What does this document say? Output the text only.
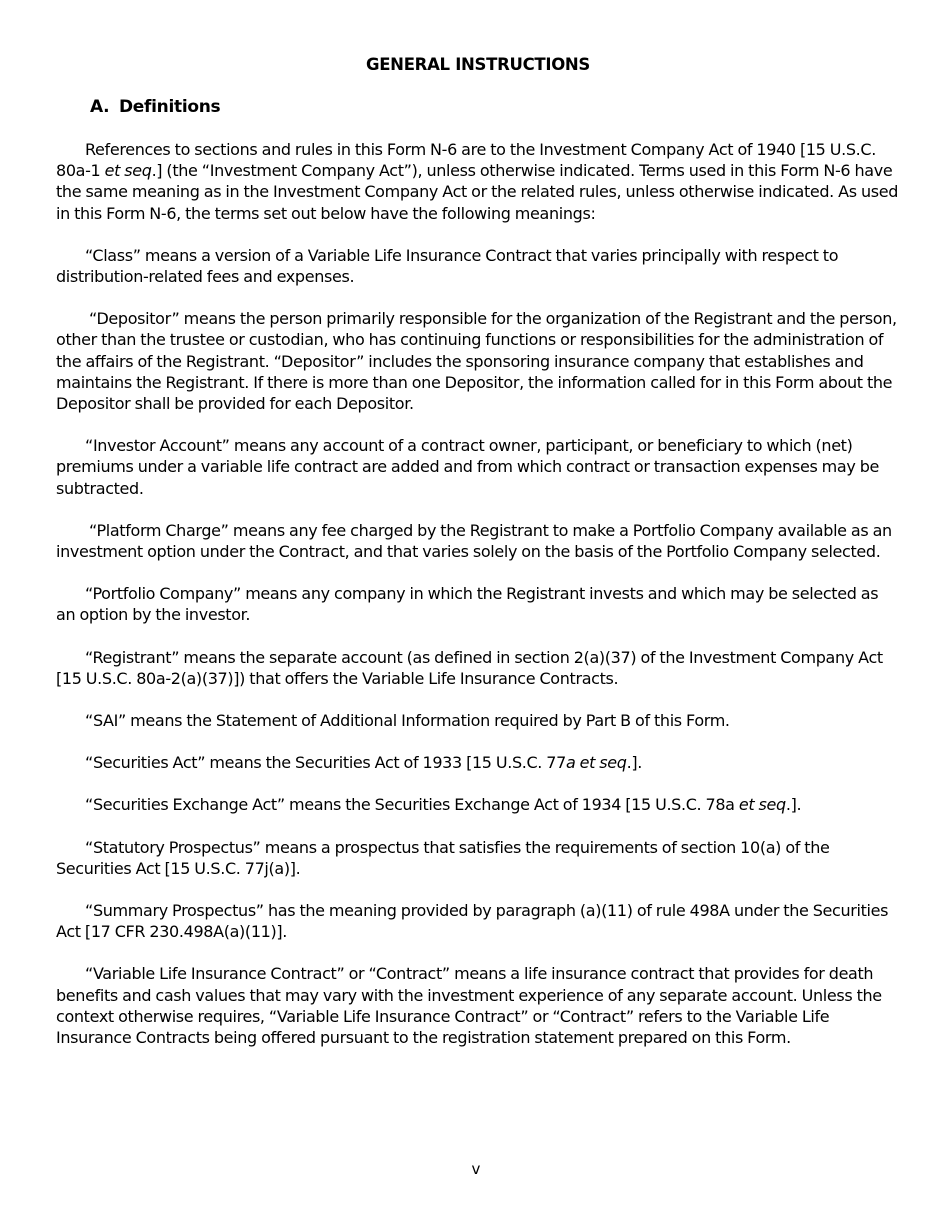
GENERAL INSTRUCTIONS
A. Definitions

References to sections and rules in this Form N-6 are to the Investment Company Act of 1940 [15 U.S.C. 80a-1 et seq.] (the “Investment Company Act”), unless otherwise indicated. Terms used in this Form N-6 have the same meaning as in the Investment Company Act or the related rules, unless otherwise indicated. As used in this Form N-6, the terms set out below have the following meanings:

“Class” means a version of a Variable Life Insurance Contract that varies principally with respect to distribution-related fees and expenses.

“Depositor” means the person primarily responsible for the organization of the Registrant and the person, other than the trustee or custodian, who has continuing functions or responsibilities for the administration of the affairs of the Registrant. “Depositor” includes the sponsoring insurance company that establishes and maintains the Registrant. If there is more than one Depositor, the information called for in this Form about the Depositor shall be provided for each Depositor.

“Investor Account” means any account of a contract owner, participant, or beneficiary to which (net) premiums under a variable life contract are added and from which contract or transaction expenses may be subtracted.

“Platform Charge” means any fee charged by the Registrant to make a Portfolio Company available as an investment option under the Contract, and that varies solely on the basis of the Portfolio Company selected.

“Portfolio Company” means any company in which the Registrant invests and which may be selected as an option by the investor.

“Registrant” means the separate account (as defined in section 2(a)(37) of the Investment Company Act [15 U.S.C. 80a-2(a)(37)]) that offers the Variable Life Insurance Contracts.

“SAI” means the Statement of Additional Information required by Part B of this Form.

“Securities Act” means the Securities Act of 1933 [15 U.S.C. 77a et seq.].

“Securities Exchange Act” means the Securities Exchange Act of 1934 [15 U.S.C. 78a et seq.].

“Statutory Prospectus” means a prospectus that satisfies the requirements of section 10(a) of the Securities Act [15 U.S.C. 77j(a)].

“Summary Prospectus” has the meaning provided by paragraph (a)(11) of rule 498A under the Securities Act [17 CFR 230.498A(a)(11)].

“Variable Life Insurance Contract” or “Contract” means a life insurance contract that provides for death benefits and cash values that may vary with the investment experience of any separate account. Unless the context otherwise requires, “Variable Life Insurance Contract” or “Contract” refers to the Variable Life Insurance Contracts being offered pursuant to the registration statement prepared on this Form.

v
